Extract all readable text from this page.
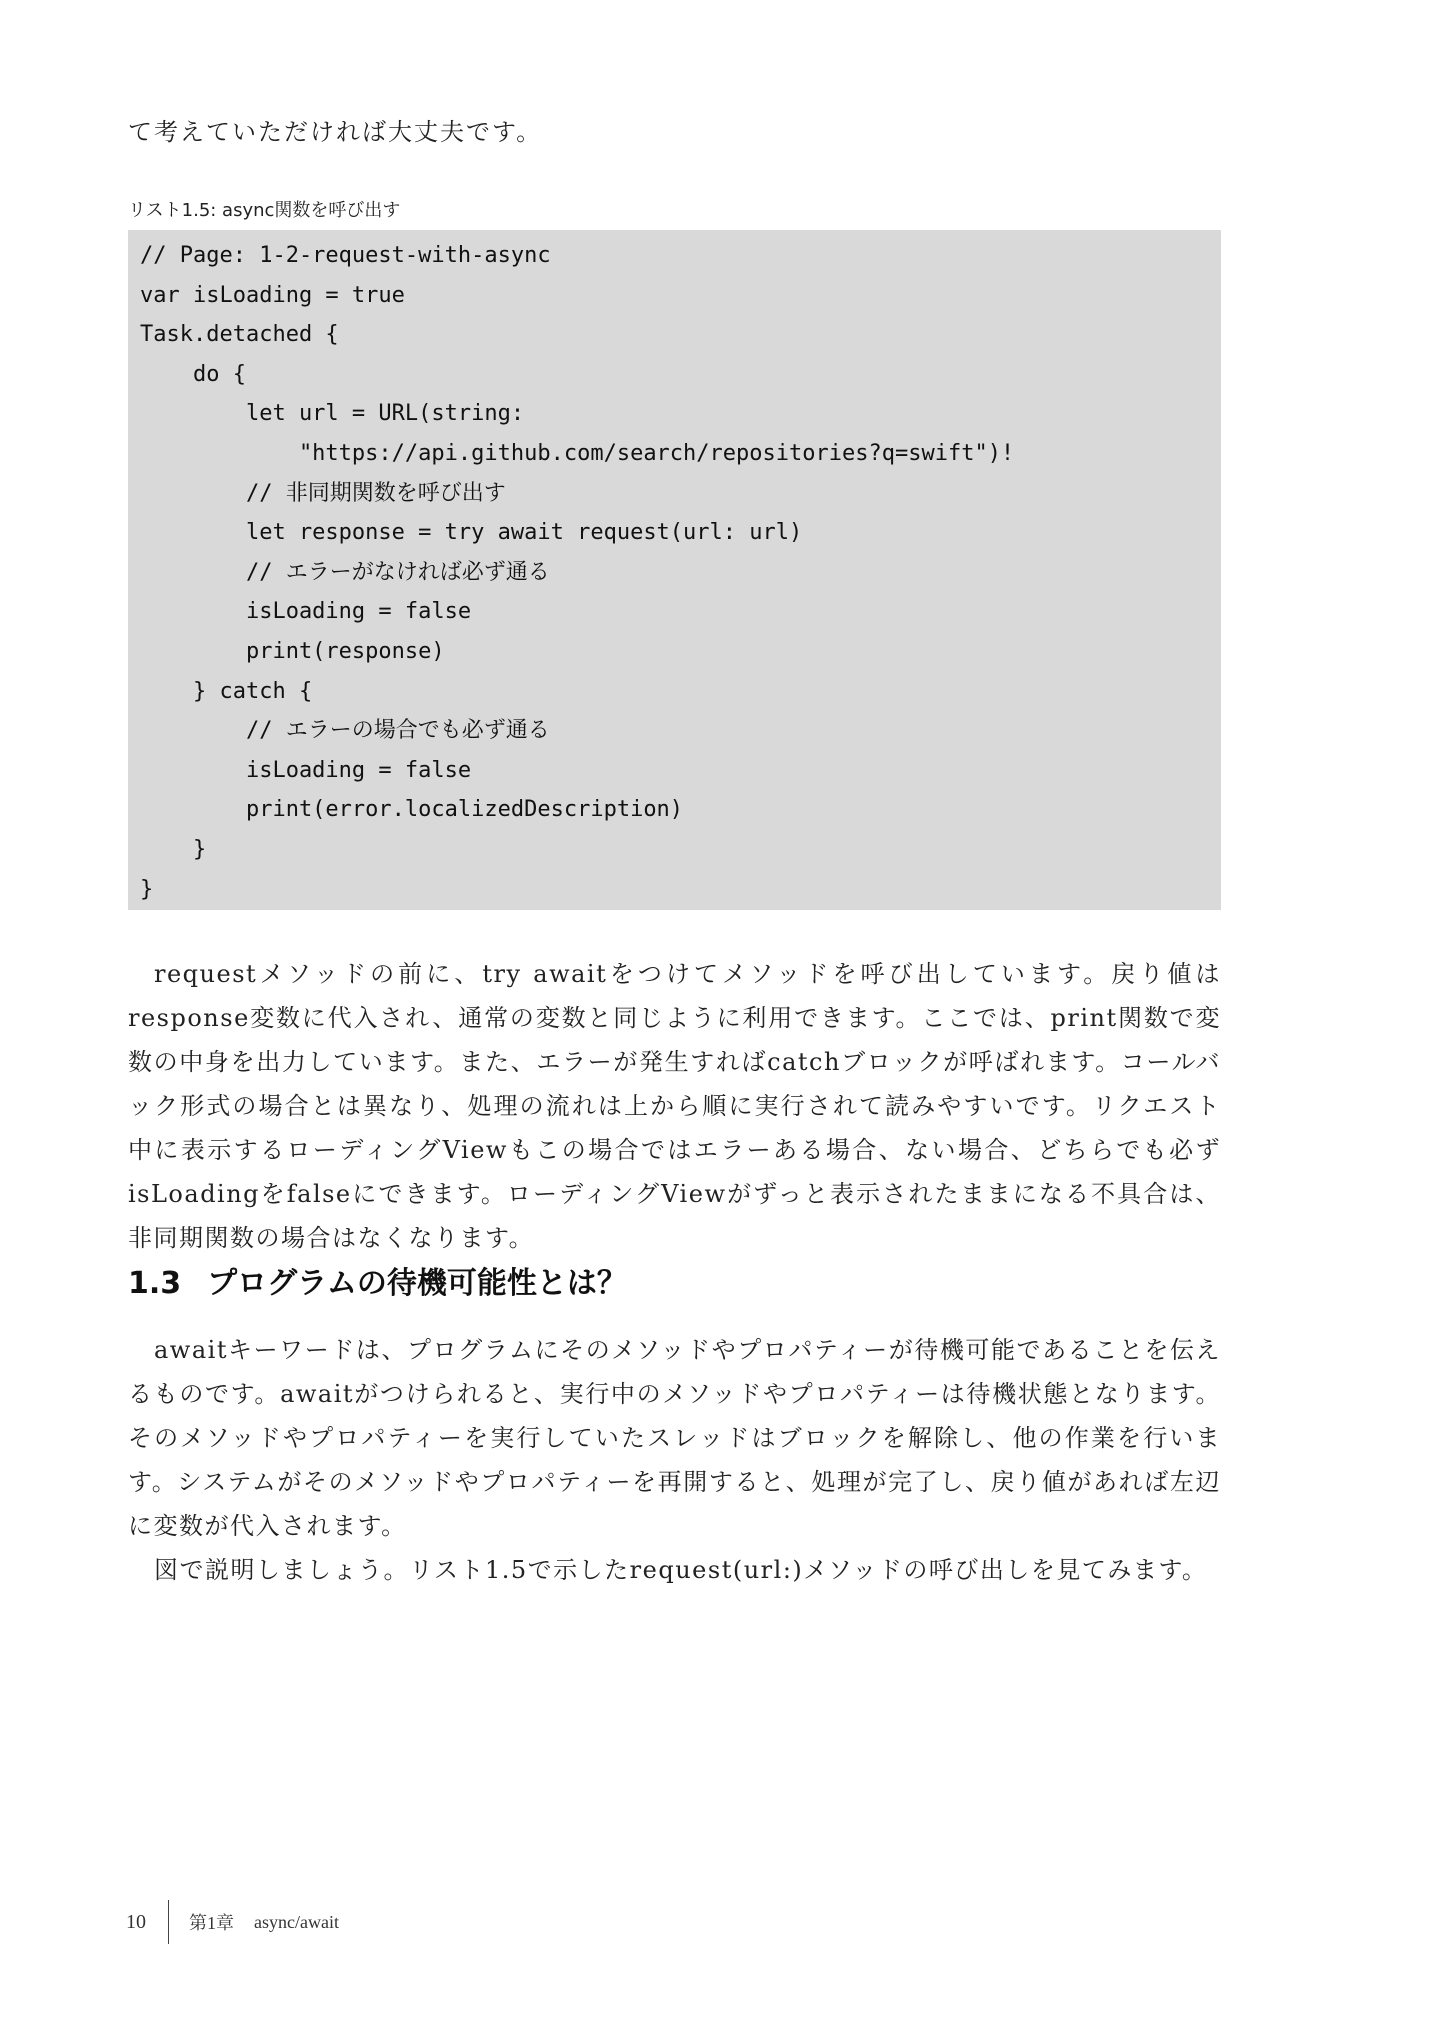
て考えていただければ大丈夫です。

リスト1.5: async関数を呼び出す
// Page: 1-2-request-with-async
var isLoading = true
Task.detached {
do {
let url = URL(string:
"https://api.github.com/search/repositories?q=swift")!
// 非同期関数を呼び出す
let response = try await request(url: url)
// エラーがなければ必ず通る
isLoading = false
print(response)
} catch {
// エラーの場合でも必ず通る
isLoading = false
print(error.localizedDescription)
}
}

requestメソッドの前に、try awaitをつけてメソッドを呼び出しています。戻り値はresponse変数に代入され、通常の変数と同じように利用できます。ここでは、print関数で変数の中身を出力しています。また、エラーが発生すればcatchブロックが呼ばれます。コールバック形式の場合とは異なり、処理の流れは上から順に実行されて読みやすいです。リクエスト中に表示するローディングViewもこの場合ではエラーある場合、ない場合、どちらでも必ずisLoadingをfalseにできます。ローディングViewがずっと表示されたままになる不具合は、非同期関数の場合はなくなります。

1.3 プログラムの待機可能性とは？

awaitキーワードは、プログラムにそのメソッドやプロパティーが待機可能であることを伝えるものです。awaitがつけられると、実行中のメソッドやプロパティーは待機状態となります。そのメソッドやプロパティーを実行していたスレッドはブロックを解除し、他の作業を行います。システムがそのメソッドやプロパティーを再開すると、処理が完了し、戻り値があれば左辺に変数が代入されます。

図で説明しましょう。リスト1.5で示したrequest(url:)メソッドの呼び出しを見てみます。

10 第1章 async/await
